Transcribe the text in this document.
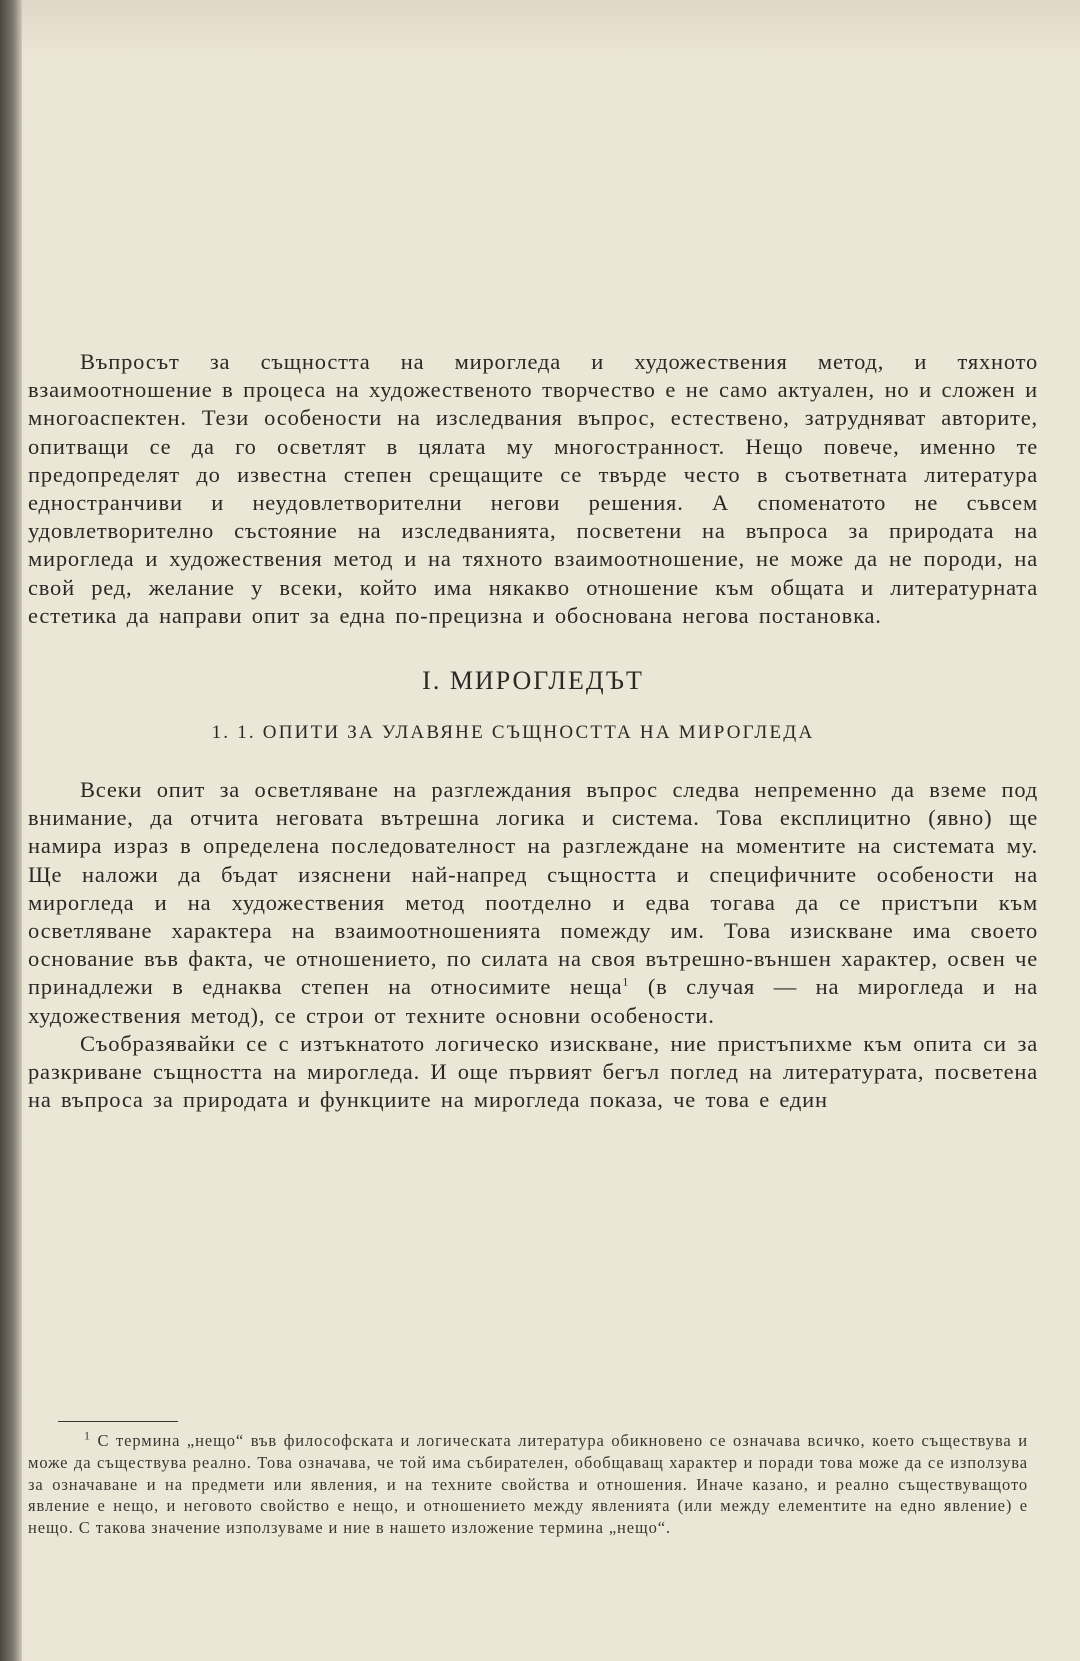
Въпросът за същността на мирогледа и художествения метод, и тяхното взаимоотношение в процеса на художественото творчество е не само актуален, но и сложен и многоаспектен. Тези особености на изследвания въпрос, естествено, затрудняват авторите, опитващи се да го осветлят в цялата му многостранност. Нещо повече, именно те предопределят до известна степен срещащите се твърде често в съответната литература едностранчиви и неудовлетворителни негови решения. А споменатото не съвсем удовлетворително състояние на изследванията, посветени на въпроса за природата на мирогледа и художествения метод и на тяхното взаимоотношение, не може да не породи, на свой ред, желание у всеки, който има някакво отношение към общата и литературната естетика да направи опит за една по-прецизна и обоснована негова постановка.

I. МИРОГЛЕДЪТ
1. 1. ОПИТИ ЗА УЛАВЯНЕ СЪЩНОСТТА НА МИРОГЛЕДА

Всеки опит за осветляване на разглеждания въпрос следва непременно да вземе под внимание, да отчита неговата вътрешна логика и система. Това експлицитно (явно) ще намира израз в определена последователност на разглеждане на моментите на системата му. Ще наложи да бъдат изяснени най-напред същността и специфичните особености на мирогледа и на художествения метод поотделно и едва тогава да се пристъпи към осветляване характера на взаимоотношенията помежду им. Това изискване има своето основание във факта, че отношението, по силата на своя вътрешно-външен характер, освен че принадлежи в еднаква степен на относимите неща$^1$ (в случая — на мирогледа и на художествения метод), се строи от техните основни особености.

Съобразявайки се с изтъкнатото логическо изискване, ние пристъпихме към опита си за разкриване същността на мирогледа. И още първият бегъл поглед на литературата, посветена на въпроса за природата и функциите на мирогледа показа, че това е един

$^1$ С термина „нещо“ във философската и логическата литература обикновено се означава всичко, което съществува и може да съществува реално. Това означава, че той има събирателен, обобщаващ характер и поради това може да се използува за означаване и на предмети или явления, и на техните свойства и отношения. Иначе казано, и реално съществуващото явление е нещо, и неговото свойство е нещо, и отношението между явленията (или между елементите на едно явление) е нещо. С такова значение използуваме и ние в нашето изложение термина „нещо“.
